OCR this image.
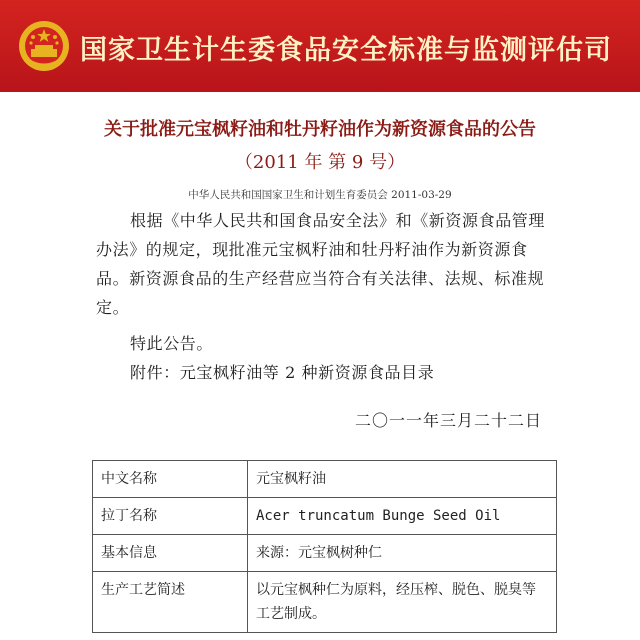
国家卫生计生委食品安全标准与监测评估司
关于批准元宝枫籽油和牡丹籽油作为新资源食品的公告
（2011 年 第 9 号）
中华人民共和国国家卫生和计划生育委员会 2011-03-29

根据《中华人民共和国食品安全法》和《新资源食品管理办法》的规定，现批准元宝枫籽油和牡丹籽油作为新资源食品。新资源食品的生产经营应当符合有关法律、法规、标准规定。

特此公告。
附件：元宝枫籽油等 2 种新资源食品目录
二〇一一年三月二十二日
中文名称	元宝枫籽油
拉丁名称	Acer truncatum Bunge Seed Oil
基本信息	来源：元宝枫树种仁
生产工艺简述	以元宝枫种仁为原料，经压榨、脱色、脱臭等工艺制成。
